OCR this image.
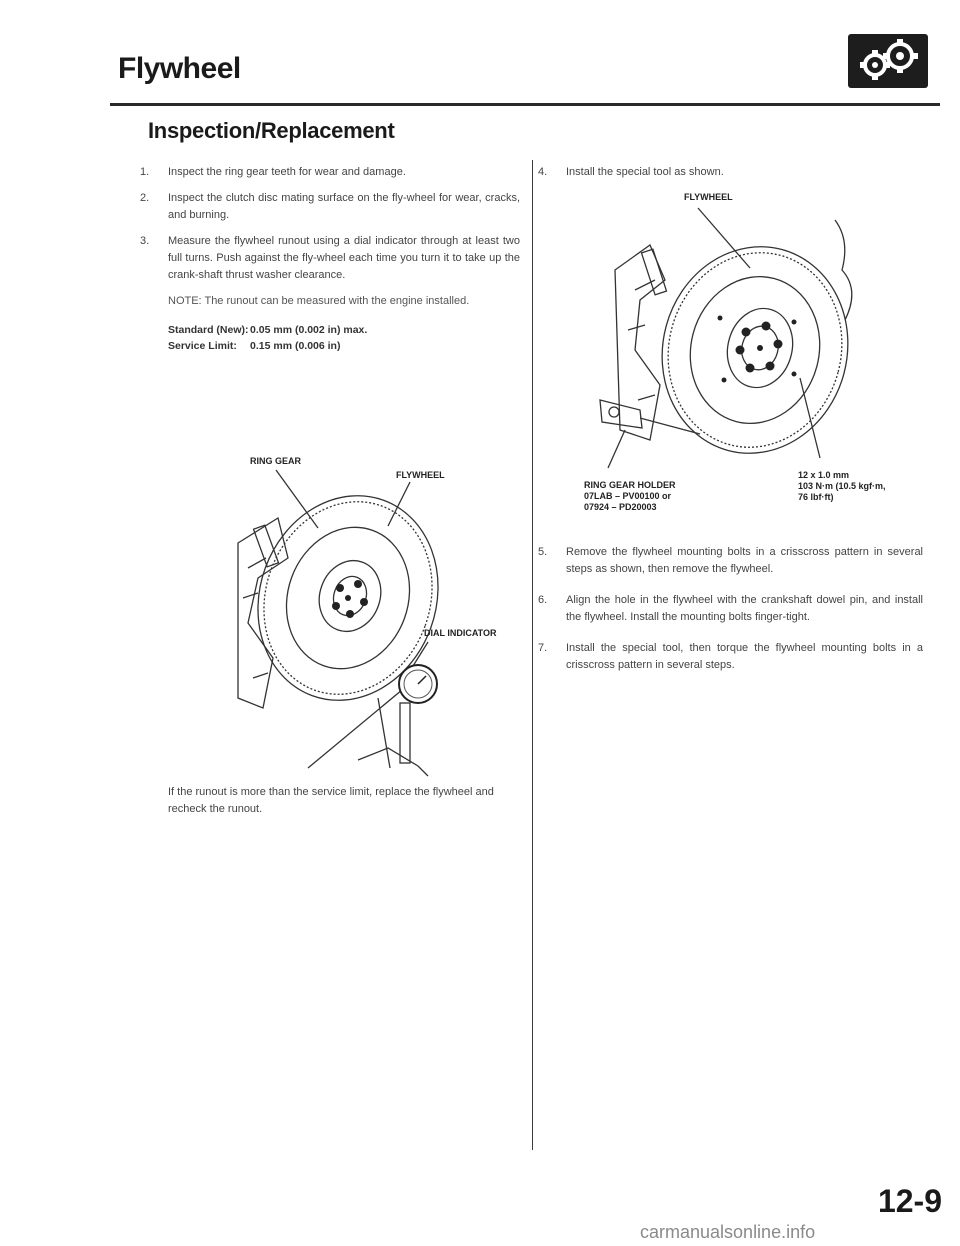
Flywheel
Inspection/Replacement
1.	Inspect the ring gear teeth for wear and damage.
2.	Inspect the clutch disc mating surface on the fly-wheel for wear, cracks, and burning.
3.	Measure the flywheel runout using a dial indicator through at least two full turns. Push against the fly-wheel each time you turn it to take up the crank-shaft thrust washer clearance.
NOTE: The runout can be measured with the engine installed.
Standard (New): 0.05 mm (0.002 in) max.
Service Limit:	0.15 mm (0.006 in)
RING GEAR
FLYWHEEL
DIAL INDICATOR
If the runout is more than the service limit, replace the flywheel and recheck the runout.
4.	Install the special tool as shown.
FLYWHEEL
RING GEAR HOLDER
07LAB – PV00100 or
07924 – PD20003
12 x 1.0 mm
103 N·m (10.5 kgf·m,
76 lbf·ft)
5.	Remove the flywheel mounting bolts in a crisscross pattern in several steps as shown, then remove the flywheel.
6.	Align the hole in the flywheel with the crankshaft dowel pin, and install the flywheel. Install the mounting bolts finger-tight.
7.	Install the special tool, then torque the flywheel mounting bolts in a crisscross pattern in several steps.
12-9
carmanualsonline.info
